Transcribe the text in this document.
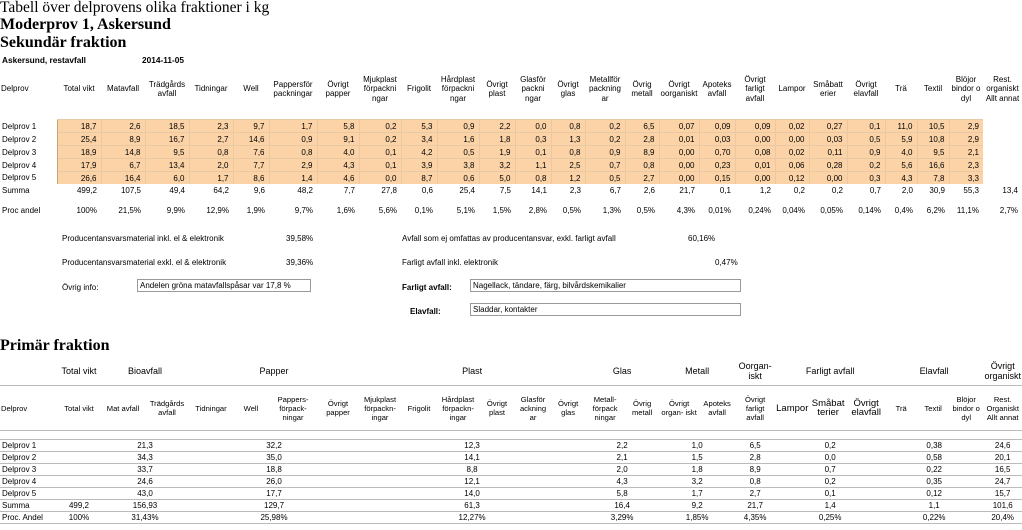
Tabell över delprovens olika fraktioner i kg
Moderprov 1, Askersund
Sekundär fraktion
Askersund, restavfall	2014-11-05
Delprov	Total vikt	Matavfall	Trädgårds avfall	Tidningar	Well	Pappersför packningar	Övrigt papper	Mjukplast förpackni ngar	Frigolit	Hårdplast förpackni ngar	Övrigt plast	Glasför packni ngar	Övrigt glas	Metallför packning ar	Övrig metall	Övrigt oorganiskt	Apoteks avfall	Övrigt farligt avfall	Lampor	Småbatt erier	Övrigt elavfall	Trä	Textil	Blöjor bindor o dyl	Rest. organiskt Allt annat

Delprov 1	18,7	2,6	18,5	2,3	9,7	1,7	5,8	0,2	5,3	0,9	2,2	0,0	0,8	0,2	6,5	0,07	0,09	0,09	0,02	0,27	0,1	11,0	10,5	2,9	
Delprov 2	25,4	8,9	16,7	2,7	14,6	0,9	9,1	0,2	3,4	1,6	1,8	0,3	1,3	0,2	2,8	0,01	0,03	0,00	0,00	0,03	0,5	5,9	10,8	2,9	
Delprov 3	18,9	14,8	9,5	0,8	7,6	0,8	4,0	0,1	4,2	0,5	1,9	0,1	0,8	0,9	8,9	0,00	0,70	0,08	0,02	0,11	0,9	4,0	9,5	2,1	
Delprov 4	17,9	6,7	13,4	2,0	7,7	2,9	4,3	0,1	3,9	3,8	3,2	1,1	2,5	0,7	0,8	0,00	0,23	0,01	0,06	0,28	0,2	5,6	16,6	2,3	
Delprov 5	26,6	16,4	6,0	1,7	8,6	1,4	4,6	0,0	8,7	0,6	5,0	0,8	1,2	0,5	2,7	0,00	0,15	0,00	0,12	0,00	0,3	4,3	7,8	3,3	
Summa	499,2	107,5	49,4	64,2	9,6	48,2	7,7	27,8	0,6	25,4	7,5	14,1	2,3	6,7	2,6	21,7	0,1	1,2	0,2	0,2	0,7	2,0	30,9	55,3	13,4

Proc andel	100%	21,5%	9,9%	12,9%	1,9%	9,7%	1,6%	5,6%	0,1%	5,1%	1,5%	2,8%	0,5%	1,3%	0,5%	4,3%	0,01%	0,24%	0,04%	0,05%	0,14%	0,4%	6,2%	11,1%	2,7%
Producentansvarsmaterial inkl. el & elektronik	39,58%	Avfall som ej omfattas av producentansvar, exkl. farligt avfall	60,16%
Producentansvarsmaterial exkl. el & elektronik	39,36%	Farligt avfall inkl. elektronik	0,47%
Övrig info:	Andelen gröna matavfallspåsar var 17,8 %	Farligt avfall:	Nagellack, tändare, färg, bilvårdskemikalier
Elavfall:	Sladdar, kontakter
Primär fraktion
	Total vikt	Bioavfall		Papper				Plast						Glas		Metall		Oorgan- iskt	Farligt avfall			Elavfall			Övrigt organiskt
Delprov	Total vikt	Mat avfall	Trädgårds avfall	Tidningar	Well	Pappers- förpack- ningar	Övrigt papper	Mjukplast förpackn- ingar	Frigolit	Hårdplast förpackn- ingar	Övrigt plast	Glasför ackning ar	Övrigt glas	Metall- förpack ningar	Övrig metall	Övrigt organ- iskt	Apoteks avfall	Övrigt farligt avfall	Lampor	Småbat terier	Övrigt elavfall	Trä	Textil	Blöjor bindor o dyl	Rest. Organiskt Allt annat

Delprov 1		21,3		32,2				12,3						2,2		1,0		6,5	0,2			0,38			24,6
Delprov 2		34,3		35,0				14,1						2,1		1,5		2,8	0,0			0,58			20,1
Delprov 3		33,7		18,8				8,8						2,0		1,8		8,9	0,7			0,22			16,5
Delprov 4		24,6		26,0				12,1						4,3		3,2		0,8	0,2			0,35			24,7
Delprov 5		43,0		17,7				14,0						5,8		1,7		2,7	0,1			0,12			15,7
Summa	499,2	156,93		129,7				61,3						16,4		9,2		21,7	1,4			1,1			101,6
Proc. Andel	100%	31,43%		25,98%				12,27%						3,29%		1,85%		4,35%	0,25%			0,22%			20,4%
